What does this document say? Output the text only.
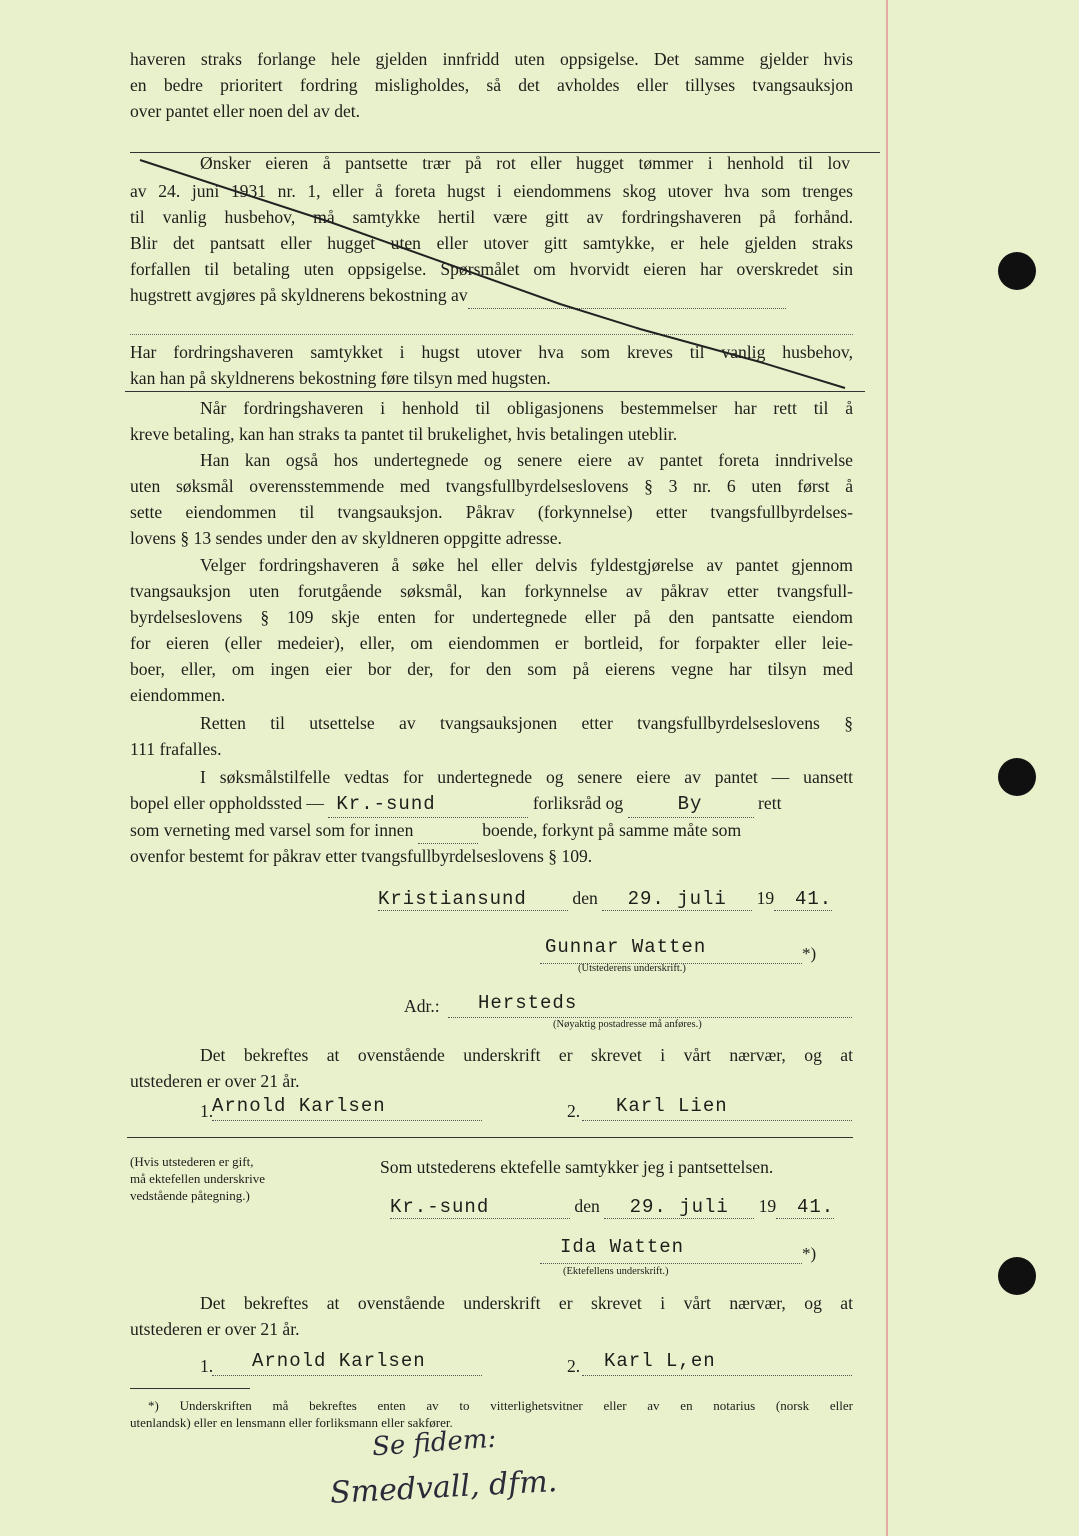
haveren straks forlange hele gjelden innfridd uten oppsigelse. Det samme gjelder hvis
en bedre prioritert fordring misligholdes, så det avholdes eller tillyses tvangsauksjon
over pantet eller noen del av det.
Ønsker eieren å pantsette trær på rot eller hugget tømmer i henhold til lov
av 24. juni 1931 nr. 1, eller å foreta hugst i eiendommens skog utover hva som trenges
til vanlig husbehov, må samtykke hertil være gitt av fordringshaveren på forhånd.
Blir det pantsatt eller hugget uten eller utover gitt samtykke, er hele gjelden straks
forfallen til betaling uten oppsigelse. Spørsmålet om hvorvidt eieren har overskredet sin
hugstrett avgjøres på skyldnerens bekostning av
Har fordringshaveren samtykket i hugst utover hva som kreves til vanlig husbehov,
kan han på skyldnerens bekostning føre tilsyn med hugsten.
Når fordringshaveren i henhold til obligasjonens bestemmelser har rett til å
kreve betaling, kan han straks ta pantet til brukelighet, hvis betalingen uteblir.
Han kan også hos undertegnede og senere eiere av pantet foreta inndrivelse
uten søksmål overensstemmende med tvangsfullbyrdelseslovens § 3 nr. 6 uten først å
sette eiendommen til tvangsauksjon. Påkrav (forkynnelse) etter tvangsfullbyrdelses-
lovens § 13 sendes under den av skyldneren oppgitte adresse.
Velger fordringshaveren å søke hel eller delvis fyldestgjørelse av pantet gjennom
tvangsauksjon uten forutgående søksmål, kan forkynnelse av påkrav etter tvangsfull-
byrdelseslovens § 109 skje enten for undertegnede eller på den pantsatte eiendom
for eieren (eller medeier), eller, om eiendommen er bortleid, for forpakter eller leie-
boer, eller, om ingen eier bor der, for den som på eierens vegne har tilsyn med
eiendommen.
Retten til utsettelse av tvangsauksjonen etter tvangsfullbyrdelseslovens §
111 frafalles.
I søksmålstilfelle vedtas for undertegnede og senere eiere av pantet — uansett
bopel eller oppholdssted — Kr.-sund	forliksråd og	By	rett
som verneting med varsel som for innen	boende, forkynt på samme måte som
ovenfor bestemt for påkrav etter tvangsfullbyrdelseslovens § 109.
Kristiansund	den 29. juli 19 41.
Gunnar Watten	*)
(Utstederens underskrift.)
Adr.: Hersteds
(Nøyaktig postadresse må anføres.)
Det bekreftes at ovenstående underskrift er skrevet i vårt nærvær, og at
utstederen er over 21 år.
1.
Arnold Karlsen	2. Karl Lien
(Hvis utstederen er gift,
må ektefellen underskrive
vedstående påtegning.)
Som utstederens ektefelle samtykker jeg i pantsettelsen.
Kr.-sund	den 29. juli 19 41.
Ida Watten	*)
(Ektefellens underskrift.)
Det bekreftes at ovenstående underskrift er skrevet i vårt nærvær, og at
utstederen er over 21 år.
1. Arnold Karlsen	2. Karl L,en
*) Underskriften må bekreftes enten av to vitterlighetsvitner eller av en notarius (norsk eller
utenlandsk) eller en lensmann eller forliksmann eller sakfører.
Se fidem:
Smedvall, dfm.
